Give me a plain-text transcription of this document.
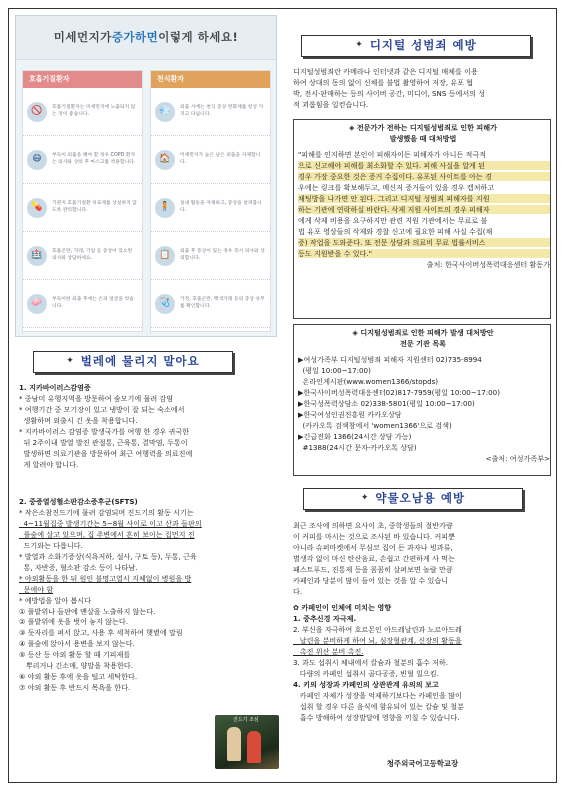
미세먼지가 증가하면 이렇게 하세요!
호흡기질환자
🚫	호흡기질환자는 미세먼지에 노출되지 않는 것이 좋습니다.
😷	부득이 외출을 해야 할 경우 COPD 환자는 의사와 상의 후 마스크를 착용합니다.
💊	기관지 호흡기질환 치료제를 상실하지 않도록 관리합니다.
🏥	호흡곤란, 가래, 기침 등 증상이 있으면 의사와 상담하세요.
🧼	부득이한 외출 후에는 손과 얼굴을 씻습니다.
천식환자
💨	외출 시에는 천식 증상 완화제를 항상 가지고 다닙니다.
🏠	미세먼지가 높은 날은 외출을 자제합니다.
🧍	실내 활동을 자제하고, 증상을 살펴봅니다.
📋	외출 후 증상이 있는 경우 즉시 의사와 상의합니다.
🩺	가정, 호흡곤란, 백색가래 등의 증상 유무를 확인합니다.
✦ 벌레에 물리지 말아요

1. 지카바이러스감염증

* 중남미 유행지역을 방문하여 숲모기에 물려 감염

* 여행기간 중 모기장이 있고 냉방이 잘 되는 숙소에서

생활하며 외출시 긴 옷을 착용합니다.

* 지카바이러스 감염증 발생국가를 여행 한 경우 귀국한

뒤 2주이내 발열 발진 관절통, 근육통, 결막염, 두통이

발생하면 의료기관을 방문하여 최근 여행력을 의료진에

게 알려야 합니다.

2. 중증열성혈소판감소증후군(SFTS)

* 작은소참진드기에 물려 감염되며 진드기의 활동 시기는

4~11월집중 발생기간는 5~8월 사이로 이고 산과 들판의

풀숲에 살고 있으며, 집 주변에서 흔히 보이는 집먼지 진

드기와는 다릅니다.

* 발열과 소화기증상(식욕저하, 설사, 구토 등), 두통, 근육

통, 자반증, 혈소판 감소 등이 나타남.

* 야외활동을 한 뒤 원인 불명고열시 지체없이 병원을 방

문에야 함

* 예방법을 알아 봅시다

① 풀밭위나 들판에 맨살을 노출하지 않는다.

② 풀밭위에 옷을 벗어 놓지 않는다.

③ 돗자리를 펴서 앉고, 사용 후 세척하여 햇볕에 말림

④ 풀숲에 앉아서 용변을 보지 않는다.

⑤ 등산 등 야외 활동 할 때 기피제를

뿌리거나 긴소매, 양말을 착용한다.

⑥ 야외 활동 후에 옷을 털고 세탁한다.

⑦ 야외 활동 후 반드시 목욕을 한다.

진드기 조심
✦ 디지털 성범죄 예방

디지털성범죄란 카메라나 인터넷과 같은 디지털 매체를 이용

하여 상대의 동의 없이 신체를 불법 촬영하여 저장, 유포 협

박, 전시·판매하는 등의 사이버 공간, 미디어, SNS 등에서의 성

적 괴롭힘을 일컫습니다.

◈ 전문가가 전하는 디지털성범죄로 인한 피해가

발생했을 때 대처방법

"피해를 인지하면 본인이 피해자이든 피해자가 아니든 적극적

으로 신고해야 피해를 최소화할 수 있다. 피해 사실을 알게 된

경우 가장 중요한 것은 증거 수집이다. 유포된 사이트를 아는 경

우에는 링크를 확보해두고, 메신저 증거들이 있을 경우 캡처하고

채팅방을 나가면 안 된다. 그리고 디지털 성범죄 피해자를 지원

하는 기관에 연락하실 바란다. 삭제 지원 사이트의 경우 피해자

에게 삭제 비용을 요구하지만 관련 지원 기관에서는 무료로 불

법 유포 영상들의 삭제와 경찰 신고에 필요한 피해 사실 수집(채

증) 작업을 도와준다. 또 전문 상담과 의료비 무료 법률서비스

등도 지원받을 수 있다."

출처: 한국사이버성폭력대응센터 활동가

◈ 디지털성범죄로 인한 피해가 발생 대처방안

전문 기관 목록

▶여성가족부 디지털성범죄 피해자 지원센터 02)735-8994

(평일 10:00~17:00)

온라인게시판(www.women1366/stopds)

▶한국사이버성폭력대응센터02)817-7959(평일 10:00~17:00)

▶한국성폭력상담소 02)338-5801(평일 10:00~17:00)

▶한국여성인권진흥원 카카오상담

(카카오톡 검색창에서 'women1366'으로 검색)

▶긴급전화 1366(24시간 상담 가능)

#1388(24시간 문자-카카오톡 상담)

<출처: 여성가족부>

✦ 약물오남용 예방

최근 조사에 의하면 요사이 초, 중학생들의 절반가량

이 커피를 마시는 것으로 조사된 바 있습니다. 커피뿐

아니라 슈퍼마켓에서 무심코 집어 든 과자나 빙과류,

별생각 없이 마신 탄산음료, 손쉽고 간편하게 사 먹는

패스트푸드, 진통제 등을 꼼꼼히 살펴보면 놀랄 만큼

카페인과 당분이 많이 들어 있는 것을 알 수 있습니

다.

✿ 카페인이 인체에 미치는 영향

1. 중추신경 자극제.

2. 부신을 자극하여 호르몬인 아드레날린과 노르아드레

날린을 분비하게 하여 뇌, 심장혈관계, 신장의 활동을

촉진 위산 분비 촉진.

3. 과도 섭취시 체내에서 칼슘과 철분의 흡수 저하.

다량의 카페인 섭취시 골다공증, 빈혈 일으킴.

4. 키의 성장과 카페인의 상관관계 유의의 보고

카페인 자체가 성장을 억제하기보다는 카페인을 많이

섭취 할 경우 다른 음식에 함유되어 있는 칼슘 및 철분

흡수 방해하여 성장발달에 영향을 끼칠 수 있습니다.

청주외국어고등학교장
